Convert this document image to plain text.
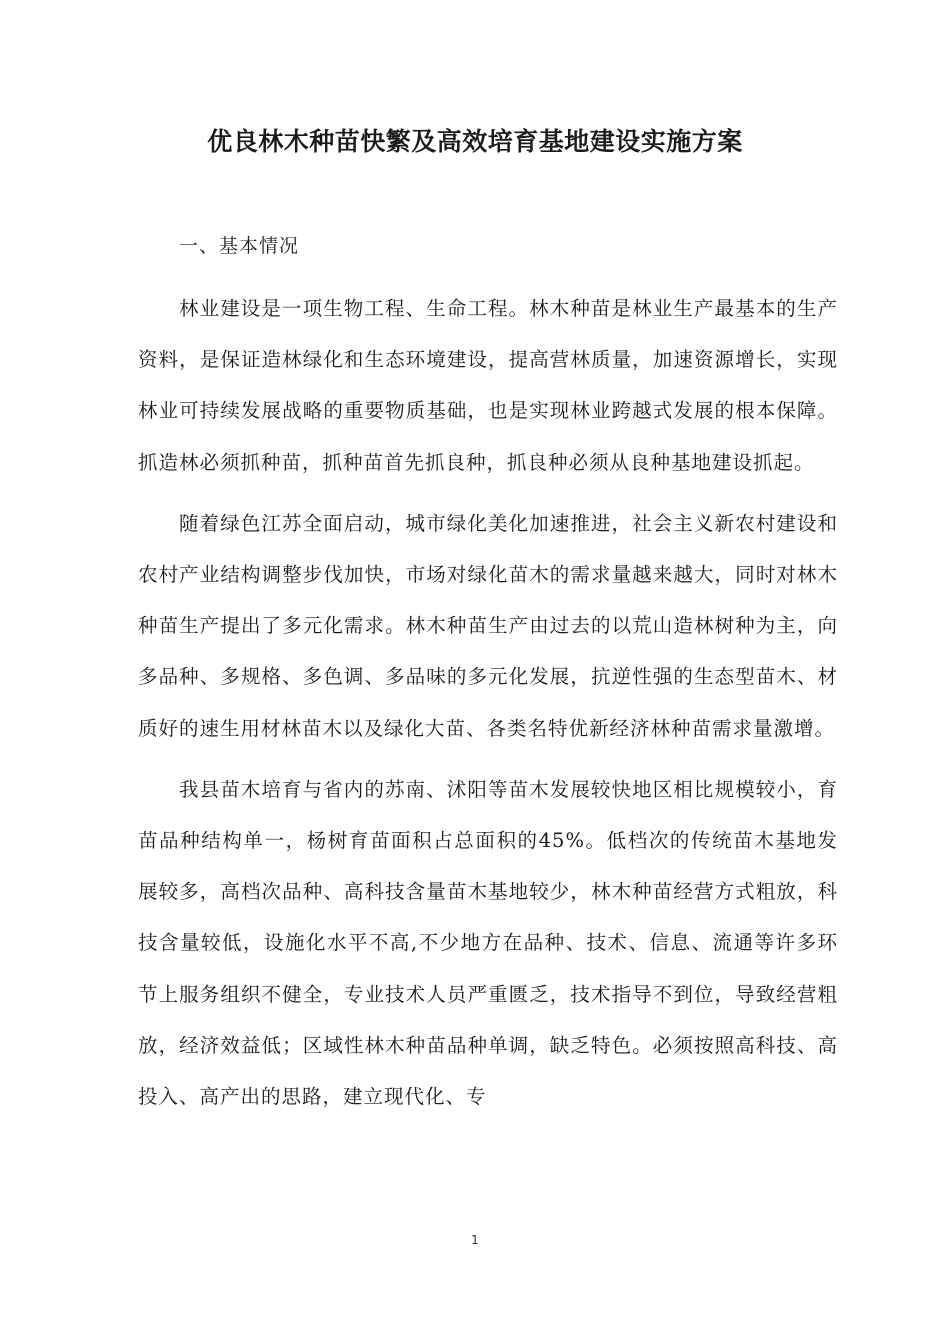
优良林木种苗快繁及高效培育基地建设实施方案

一、基本情况

林业建设是一项生物工程、生命工程。林木种苗是林业生产最基本的生产资料，是保证造林绿化和生态环境建设，提高营林质量，加速资源增长，实现林业可持续发展战略的重要物质基础，也是实现林业跨越式发展的根本保障。抓造林必须抓种苗，抓种苗首先抓良种，抓良种必须从良种基地建设抓起。

随着绿色江苏全面启动，城市绿化美化加速推进，社会主义新农村建设和农村产业结构调整步伐加快，市场对绿化苗木的需求量越来越大，同时对林木种苗生产提出了多元化需求。林木种苗生产由过去的以荒山造林树种为主，向多品种、多规格、多色调、多品味的多元化发展，抗逆性强的生态型苗木、材质好的速生用材林苗木以及绿化大苗、各类名特优新经济林种苗需求量激增。

我县苗木培育与省内的苏南、沭阳等苗木发展较快地区相比规模较小，育苗品种结构单一，杨树育苗面积占总面积的45%。低档次的传统苗木基地发展较多，高档次品种、高科技含量苗木基地较少，林木种苗经营方式粗放，科技含量较低，设施化水平不高,不少地方在品种、技术、信息、流通等许多环节上服务组织不健全，专业技术人员严重匮乏，技术指导不到位，导致经营粗放，经济效益低；区域性林木种苗品种单调，缺乏特色。必须按照高科技、高投入、高产出的思路，建立现代化、专

1
